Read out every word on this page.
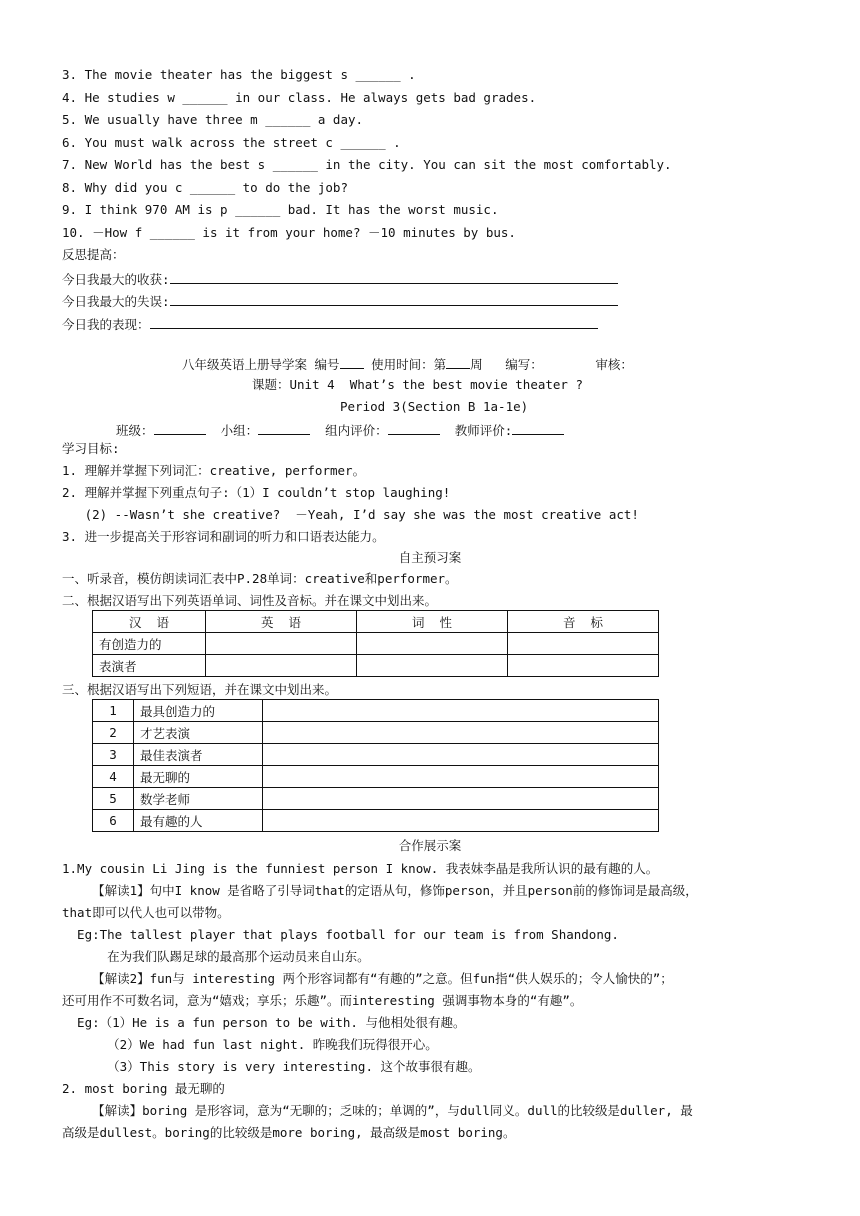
3. The movie theater has the biggest s ______ .
4. He studies w ______ in our class. He always gets bad grades.
5. We usually have three m ______ a day.
6. You must walk across the street c ______ .
7. New World has the best s ______ in the city. You can sit the most comfortably.
8. Why did you c ______ to do the job?
9. I think 970 AM is p ______ bad. It has the worst music.
10. －How f ______ is it from your home? －10 minutes by bus.
反思提高：
今日我最大的收获:
今日我最大的失误:
今日我的表现：
八年级英语上册导学案 编号	使用时间：第 周 编写：	审核：
课题：Unit 4  What’s the best movie theater ?
Period 3(Section B 1a-1e)
班级：	小组：	组内评价：	教师评价:
学习目标:
1. 理解并掌握下列词汇：creative, performer。
2. 理解并掌握下列重点句子:（1）I couldn’t stop laughing!
(2) --Wasn’t she creative?  －Yeah, I’d say she was the most creative act!
3. 进一步提高关于形容词和副词的听力和口语表达能力。
自主预习案
一、听录音，模仿朗读词汇表中P.28单词：creative和performer。
二、根据汉语写出下列英语单词、词性及音标。并在课文中划出来。
汉  语	英  语	词  性	音  标
有创造力的			
表演者			
三、根据汉语写出下列短语，并在课文中划出来。
1	最具创造力的	
2	才艺表演	
3	最佳表演者	
4	最无聊的	
5	数学老师	
6	最有趣的人	
合作展示案
1.My cousin Li Jing is the funniest person I know. 我表妹李晶是我所认识的最有趣的人。
【解读1】句中I know 是省略了引导词that的定语从句，修饰person，并且person前的修饰词是最高级，
that即可以代人也可以带物。
Eg:The tallest player that plays football for our team is from Shandong.
在为我们队踢足球的最高那个运动员来自山东。
【解读2】fun与 interesting 两个形容词都有“有趣的”之意。但fun指“供人娱乐的；令人愉快的”；
还可用作不可数名词，意为“嬉戏；享乐；乐趣”。而interesting 强调事物本身的“有趣”。
Eg:（1）He is a fun person to be with. 与他相处很有趣。
（2）We had fun last night. 昨晚我们玩得很开心。
（3）This story is very interesting. 这个故事很有趣。
2. most boring 最无聊的
【解读】boring 是形容词，意为“无聊的；乏味的；单调的”，与dull同义。dull的比较级是duller, 最
高级是dullest。boring的比较级是more boring, 最高级是most boring。
